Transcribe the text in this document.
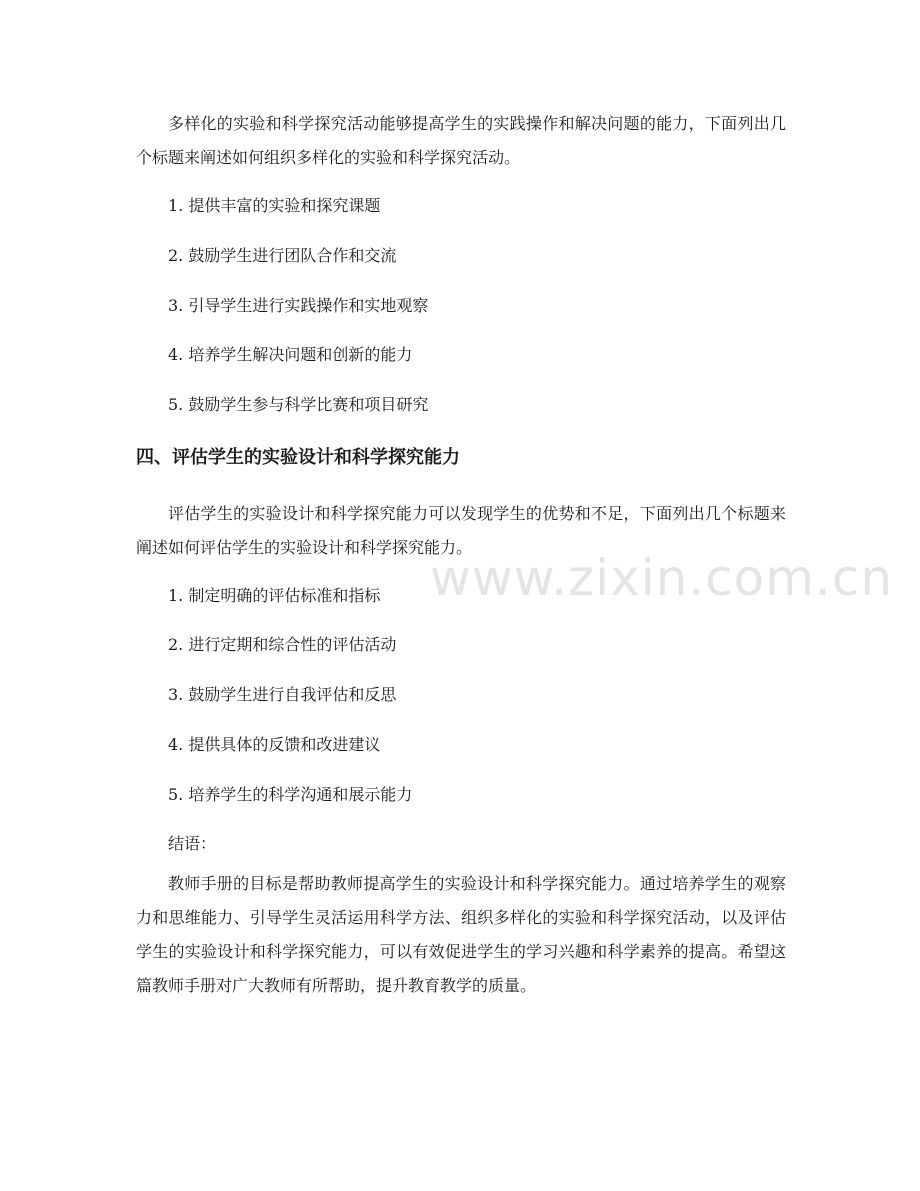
多样化的实验和科学探究活动能够提高学生的实践操作和解决问题的能力，下面列出几个标题来阐述如何组织多样化的实验和科学探究活动。

1. 提供丰富的实验和探究课题

2. 鼓励学生进行团队合作和交流

3. 引导学生进行实践操作和实地观察

4. 培养学生解决问题和创新的能力

5. 鼓励学生参与科学比赛和项目研究

四、评估学生的实验设计和科学探究能力

评估学生的实验设计和科学探究能力可以发现学生的优势和不足，下面列出几个标题来阐述如何评估学生的实验设计和科学探究能力。

1. 制定明确的评估标准和指标

2. 进行定期和综合性的评估活动

3. 鼓励学生进行自我评估和反思

4. 提供具体的反馈和改进建议

5. 培养学生的科学沟通和展示能力

结语：

教师手册的目标是帮助教师提高学生的实验设计和科学探究能力。通过培养学生的观察力和思维能力、引导学生灵活运用科学方法、组织多样化的实验和科学探究活动，以及评估学生的实验设计和科学探究能力，可以有效促进学生的学习兴趣和科学素养的提高。希望这篇教师手册对广大教师有所帮助，提升教育教学的质量。

www.zixin.com.cn
